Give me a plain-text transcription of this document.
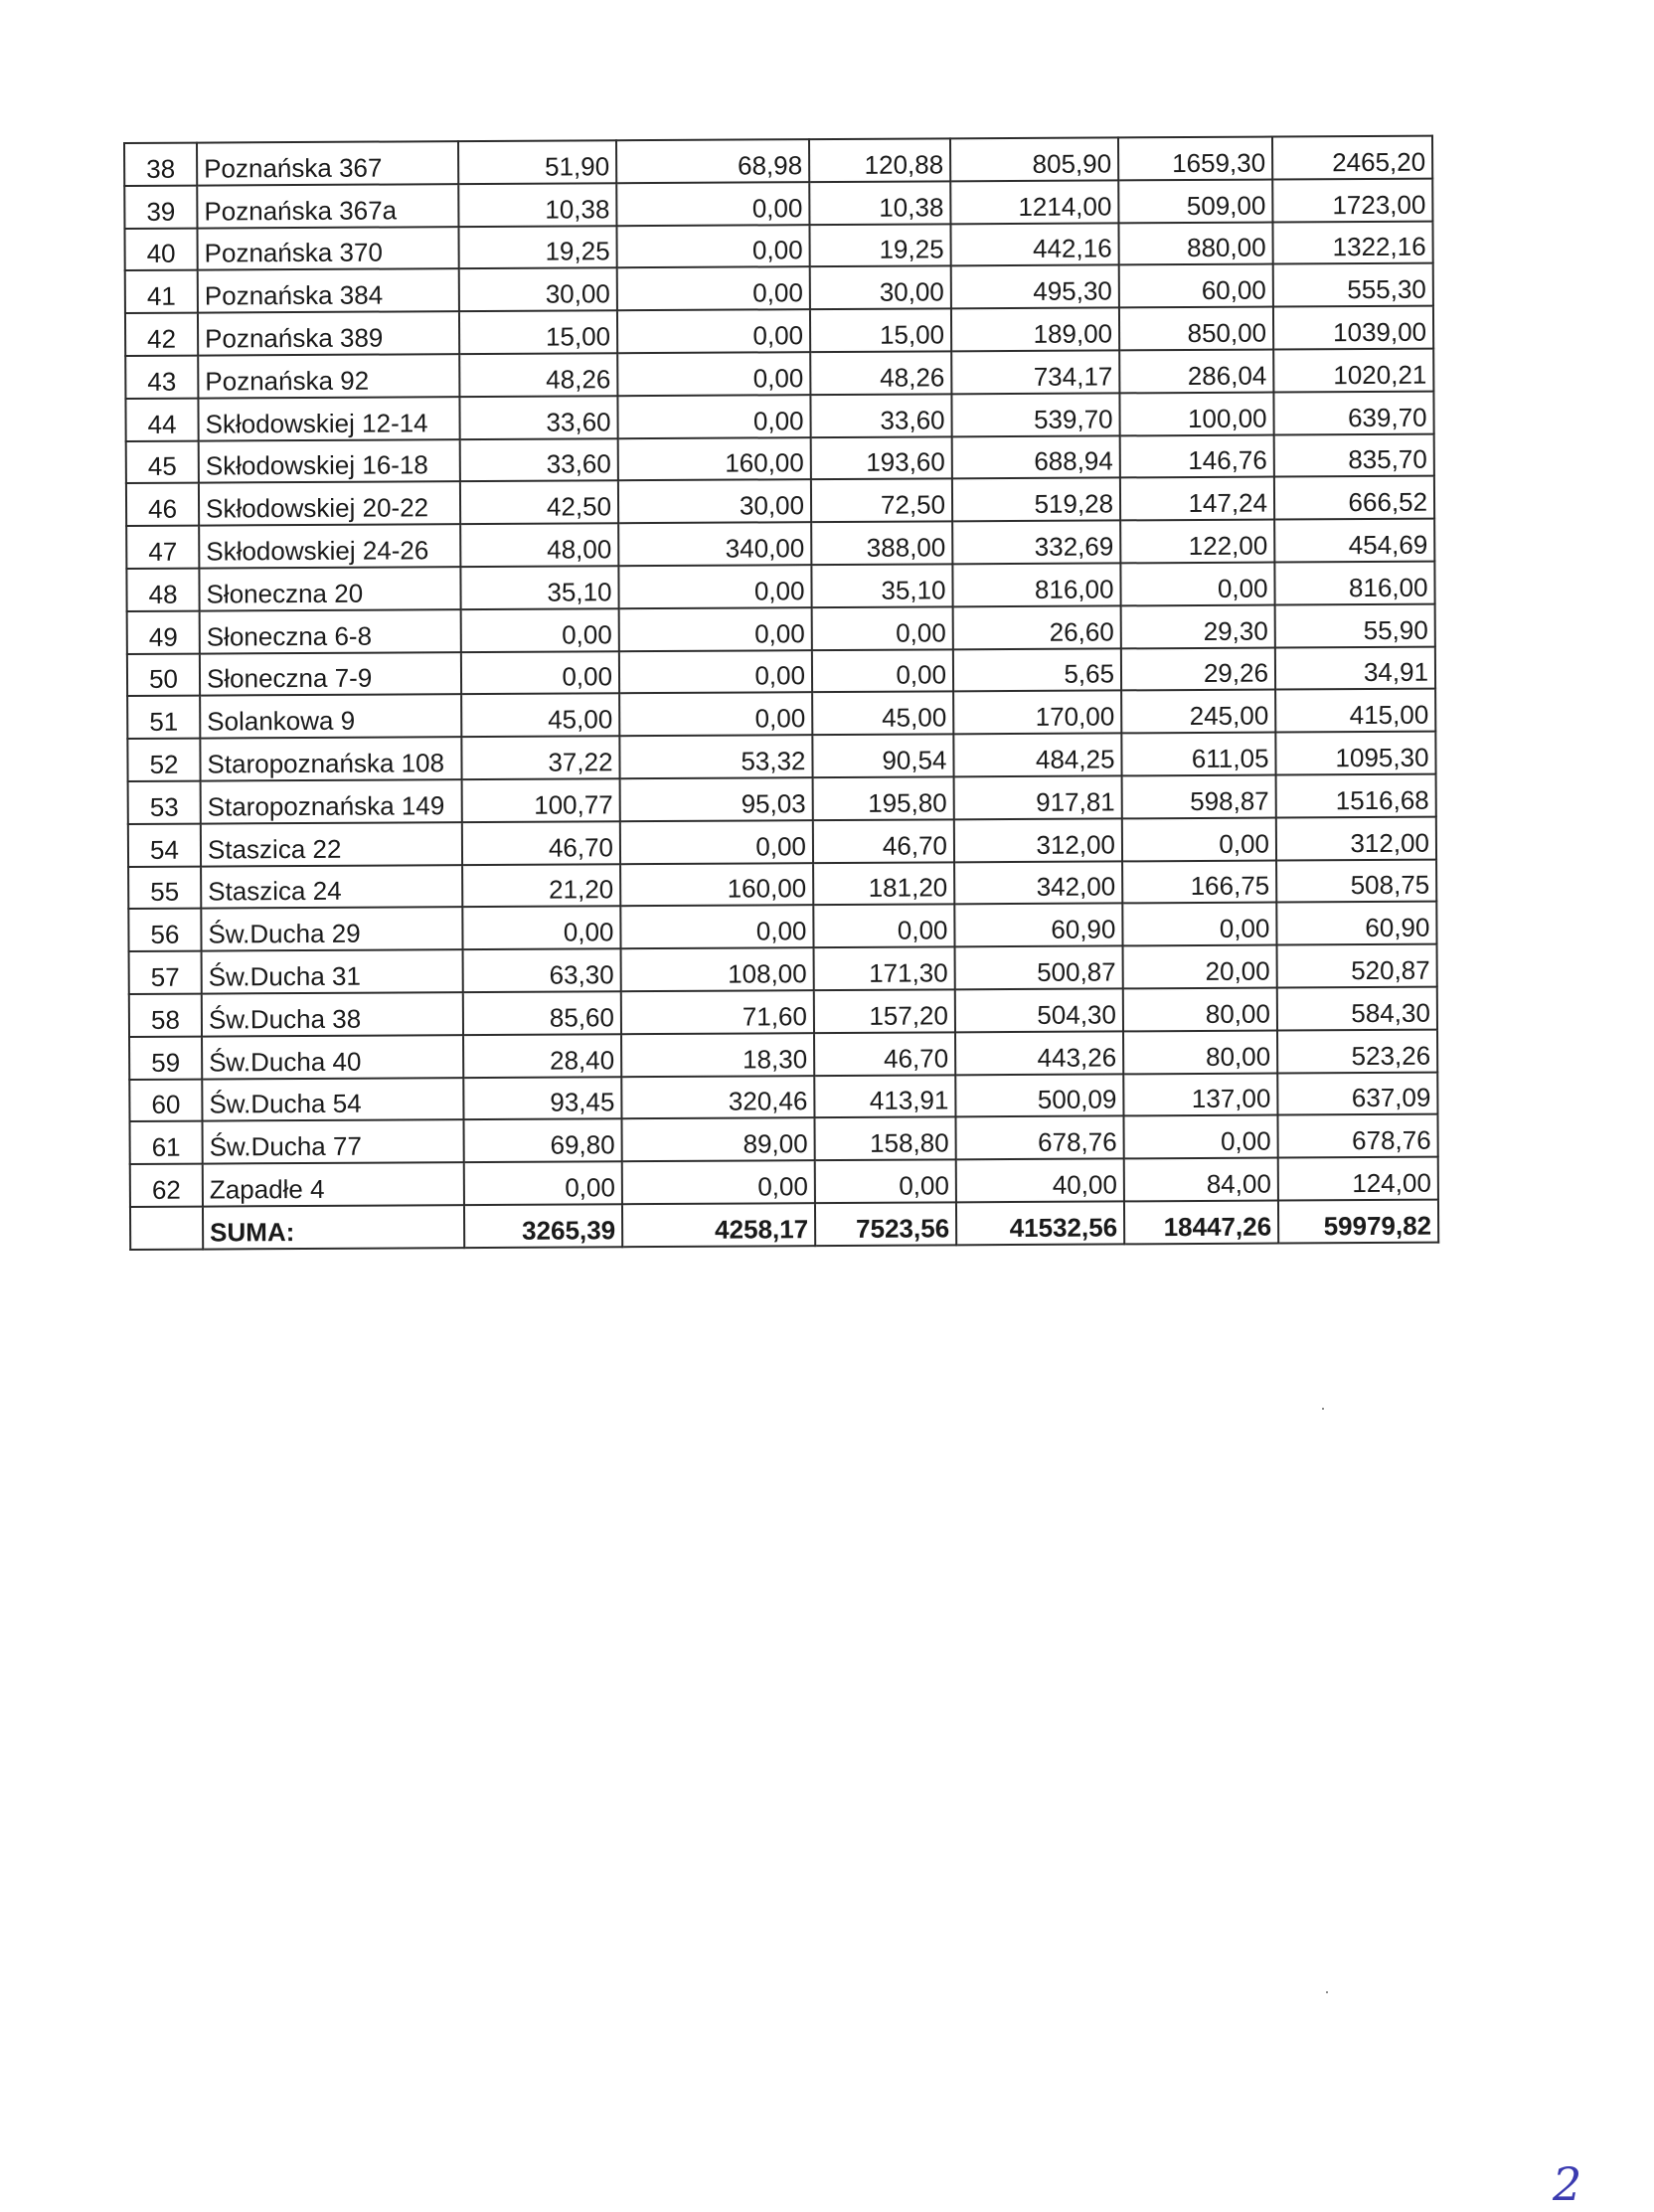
38	Poznańska 367	51,90	68,98	120,88	805,90	1659,30	2465,20
39	Poznańska 367a	10,38	0,00	10,38	1214,00	509,00	1723,00
40	Poznańska 370	19,25	0,00	19,25	442,16	880,00	1322,16
41	Poznańska 384	30,00	0,00	30,00	495,30	60,00	555,30
42	Poznańska 389	15,00	0,00	15,00	189,00	850,00	1039,00
43	Poznańska 92	48,26	0,00	48,26	734,17	286,04	1020,21
44	Skłodowskiej 12-14	33,60	0,00	33,60	539,70	100,00	639,70
45	Skłodowskiej 16-18	33,60	160,00	193,60	688,94	146,76	835,70
46	Skłodowskiej 20-22	42,50	30,00	72,50	519,28	147,24	666,52
47	Skłodowskiej 24-26	48,00	340,00	388,00	332,69	122,00	454,69
48	Słoneczna 20	35,10	0,00	35,10	816,00	0,00	816,00
49	Słoneczna 6-8	0,00	0,00	0,00	26,60	29,30	55,90
50	Słoneczna 7-9	0,00	0,00	0,00	5,65	29,26	34,91
51	Solankowa 9	45,00	0,00	45,00	170,00	245,00	415,00
52	Staropoznańska 108	37,22	53,32	90,54	484,25	611,05	1095,30
53	Staropoznańska 149	100,77	95,03	195,80	917,81	598,87	1516,68
54	Staszica 22	46,70	0,00	46,70	312,00	0,00	312,00
55	Staszica 24	21,20	160,00	181,20	342,00	166,75	508,75
56	Św.Ducha 29	0,00	0,00	0,00	60,90	0,00	60,90
57	Św.Ducha 31	63,30	108,00	171,30	500,87	20,00	520,87
58	Św.Ducha 38	85,60	71,60	157,20	504,30	80,00	584,30
59	Św.Ducha 40	28,40	18,30	46,70	443,26	80,00	523,26
60	Św.Ducha 54	93,45	320,46	413,91	500,09	137,00	637,09
61	Św.Ducha 77	69,80	89,00	158,80	678,76	0,00	678,76
62	Zapadłe 4	0,00	0,00	0,00	40,00	84,00	124,00
	SUMA:	3265,39	4258,17	7523,56	41532,56	18447,26	59979,82
2
